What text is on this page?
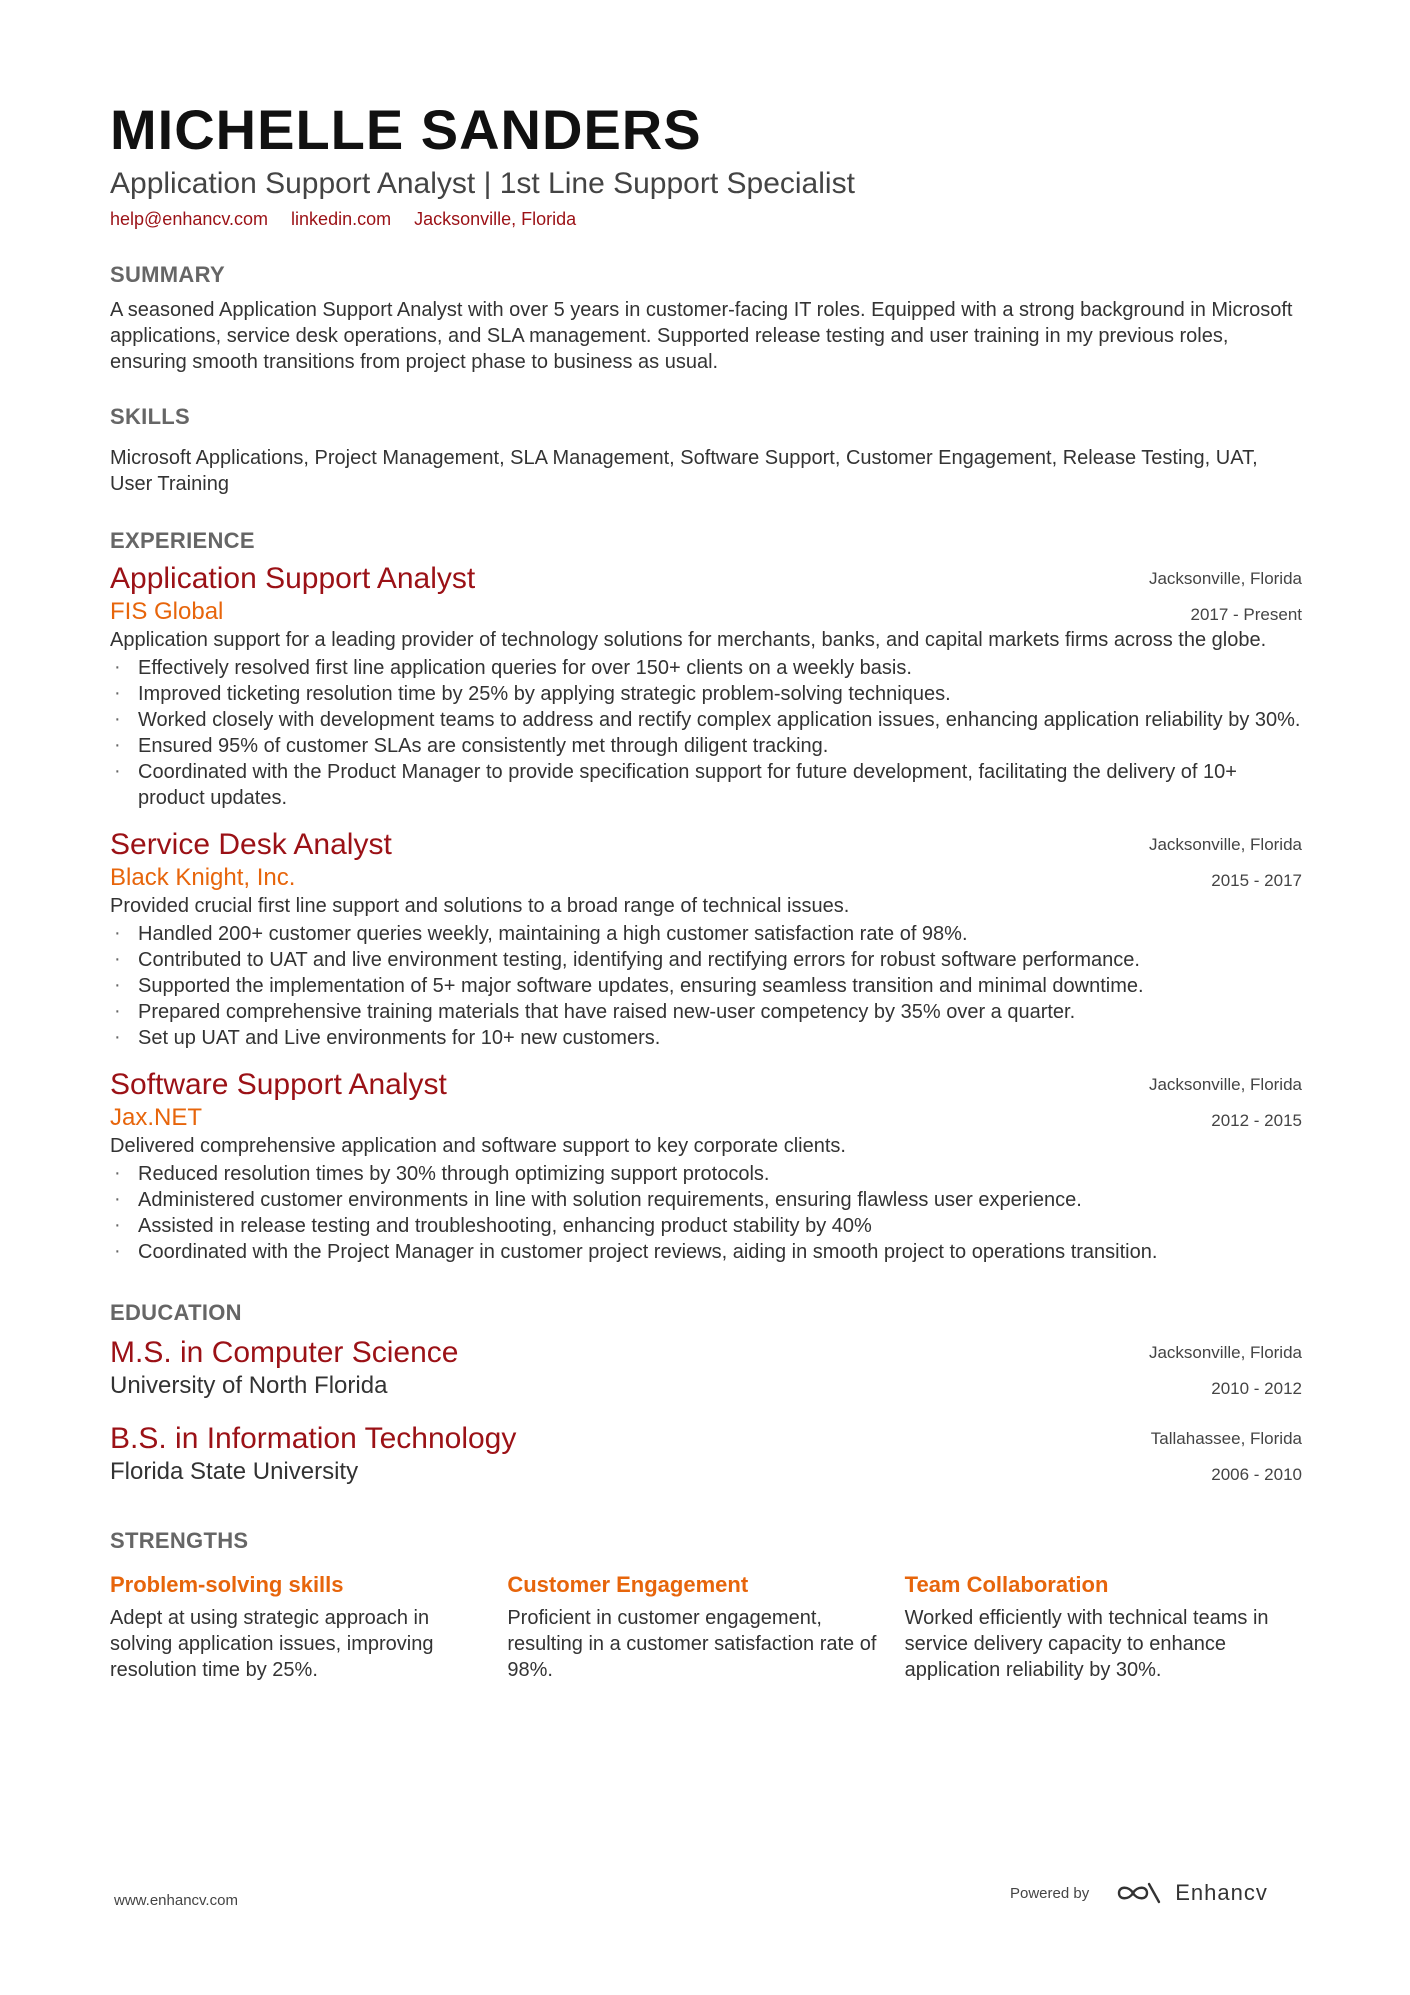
MICHELLE SANDERS
Application Support Analyst | 1st Line Support Specialist
help@enhancv.com linkedin.com Jacksonville, Florida
SUMMARY
A seasoned Application Support Analyst with over 5 years in customer-facing IT roles. Equipped with a strong background in Microsoft applications, service desk operations, and SLA management. Supported release testing and user training in my previous roles, ensuring smooth transitions from project phase to business as usual.
SKILLS
Microsoft Applications, Project Management, SLA Management, Software Support, Customer Engagement, Release Testing, UAT, User Training
EXPERIENCE
Application Support Analyst
FIS Global
Jacksonville, Florida
2017 - Present
Application support for a leading provider of technology solutions for merchants, banks, and capital markets firms across the globe.
· Effectively resolved first line application queries for over 150+ clients on a weekly basis.
· Improved ticketing resolution time by 25% by applying strategic problem-solving techniques.
· Worked closely with development teams to address and rectify complex application issues, enhancing application reliability by 30%.
· Ensured 95% of customer SLAs are consistently met through diligent tracking.
· Coordinated with the Product Manager to provide specification support for future development, facilitating the delivery of 10+ product updates.
Service Desk Analyst
Black Knight, Inc.
Jacksonville, Florida
2015 - 2017
Provided crucial first line support and solutions to a broad range of technical issues.
· Handled 200+ customer queries weekly, maintaining a high customer satisfaction rate of 98%.
· Contributed to UAT and live environment testing, identifying and rectifying errors for robust software performance.
· Supported the implementation of 5+ major software updates, ensuring seamless transition and minimal downtime.
· Prepared comprehensive training materials that have raised new-user competency by 35% over a quarter.
· Set up UAT and Live environments for 10+ new customers.
Software Support Analyst
Jax.NET
Jacksonville, Florida
2012 - 2015
Delivered comprehensive application and software support to key corporate clients.
· Reduced resolution times by 30% through optimizing support protocols.
· Administered customer environments in line with solution requirements, ensuring flawless user experience.
· Assisted in release testing and troubleshooting, enhancing product stability by 40%
· Coordinated with the Project Manager in customer project reviews, aiding in smooth project to operations transition.
EDUCATION
M.S. in Computer Science
University of North Florida
Jacksonville, Florida
2010 - 2012
B.S. in Information Technology
Florida State University
Tallahassee, Florida
2006 - 2010
STRENGTHS
Problem-solving skills
Adept at using strategic approach in solving application issues, improving resolution time by 25%.
Customer Engagement
Proficient in customer engagement, resulting in a customer satisfaction rate of 98%.
Team Collaboration
Worked efficiently with technical teams in service delivery capacity to enhance application reliability by 30%.
www.enhancv.com	Powered by	Enhancv
